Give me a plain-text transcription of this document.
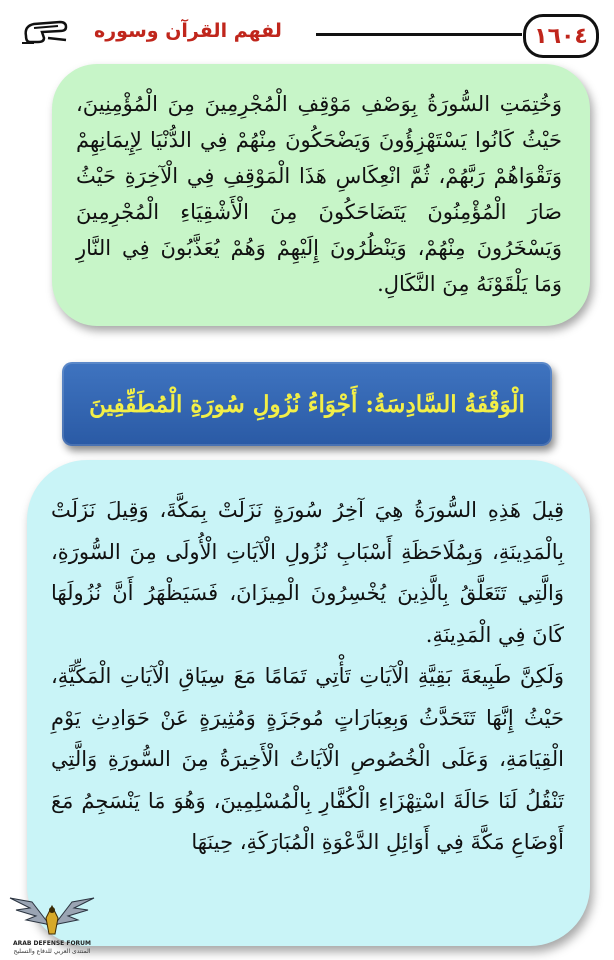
لفهم القرآن وسوره	١٦٠٤

وَخُتِمَتِ السُّورَةُ بِوَصْفِ مَوْقِفِ الْمُجْرِمِينَ مِنَ الْمُؤْمِنِينَ، حَيْثُ كَانُوا يَسْتَهْزِؤُونَ وَيَضْحَكُونَ مِنْهُمْ فِي الدُّنْيَا لِإِيمَانِهِمْ وَتَقْوَاهُمْ رَبَّهُمْ، ثُمَّ انْعِكَاسِ هَذَا الْمَوْقِفِ فِي الْآخِرَةِ حَيْثُ صَارَ الْمُؤْمِنُونَ يَتَضَاحَكُونَ مِنَ الْأَشْقِيَاءِ الْمُجْرِمِينَ وَيَسْخَرُونَ مِنْهُمْ، وَيَنْظُرُونَ إِلَيْهِمْ وَهُمْ يُعَذَّبُونَ فِي النَّارِ وَمَا يَلْقَوْنَهُ مِنَ النَّكَالِ.

الْوَقْفَةُ السَّادِسَةُ: أَجْوَاءُ نُزُولِ سُورَةِ الْمُطَفِّفِينَ

قِيلَ هَذِهِ السُّورَةُ هِيَ آخِرُ سُورَةٍ نَزَلَتْ بِمَكَّةَ، وَقِيلَ نَزَلَتْ بِالْمَدِينَةِ، وَبِمُلَاحَظَةِ أَسْبَابِ نُزُولِ الْآيَاتِ الْأُولَى مِنَ السُّورَةِ، وَالَّتِي تَتَعَلَّقُ بِالَّذِينَ يُخْسِرُونَ الْمِيزَانَ، فَسَيَظْهَرُ أَنَّ نُزُولَهَا كَانَ فِي الْمَدِينَةِ.

وَلَكِنَّ طَبِيعَةَ بَقِيَّةِ الْآيَاتِ تَأْتِي تَمَامًا مَعَ سِيَاقِ الْآيَاتِ الْمَكِّيَّةِ، حَيْثُ إِنَّهَا تَتَحَدَّثُ وَبِعِبَارَاتٍ مُوجَزَةٍ وَمُثِيرَةٍ عَنْ حَوَادِثِ يَوْمِ الْقِيَامَةِ، وَعَلَى الْخُصُوصِ الْآيَاتُ الْأَخِيرَةُ مِنَ السُّورَةِ وَالَّتِي تَنْقُلُ لَنَا حَالَةَ اسْتِهْزَاءِ الْكُفَّارِ بِالْمُسْلِمِينَ، وَهُوَ مَا يَنْسَجِمُ مَعَ أَوْضَاعِ مَكَّةَ فِي أَوَائِلِ الدَّعْوَةِ الْمُبَارَكَةِ، حِينَهَا

ARAB DEFENSE FORUM
المنتدى العربي للدفاع والتسليح
